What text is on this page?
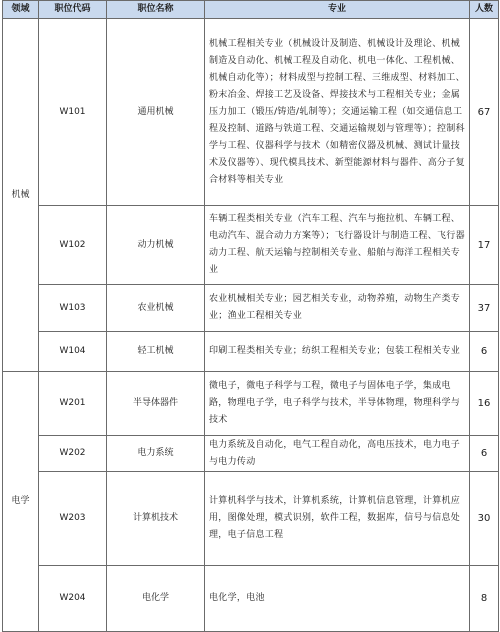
领域	职位代码	职位名称	专业	人数
机械	W101	通用机械	机械工程相关专业（机械设计及制造、机械设计及理论、机械制造及自动化、机械工程及自动化、机电一体化、工程机械、机械自动化等）；材料成型与控制工程、三维成型、材料加工、粉末冶金、焊接工艺及设备、焊接技术与工程相关专业；金属压力加工（锻压/铸造/轧制等）；交通运输工程（如交通信息工程及控制、道路与铁道工程、交通运输规划与管理等）；控制科学与工程、仪器科学与技术（如精密仪器及机械、测试计量技术及仪器等）、现代模具技术、新型能源材料与器件、高分子复合材料等相关专业	67
	W102	动力机械	车辆工程类相关专业（汽车工程、汽车与拖拉机、车辆工程、电动汽车、混合动力方案等）；飞行器设计与制造工程、飞行器动力工程、航天运输与控制相关专业、船舶与海洋工程相关专业	17
	W103	农业机械	农业机械相关专业；园艺相关专业，动物养殖，动物生产类专业；渔业工程相关专业	37
	W104	轻工机械	印刷工程类相关专业；纺织工程相关专业；包装工程相关专业	6
电学	W201	半导体器件	微电子，微电子科学与工程，微电子与固体电子学，集成电路，物理电子学，电子科学与技术，半导体物理，物理科学与技术	16
	W202	电力系统	电力系统及自动化，电气工程自动化，高电压技术，电力电子与电力传动	6
	W203	计算机技术	计算机科学与技术，计算机系统，计算机信息管理，计算机应用，图像处理，模式识别，软件工程，数据库，信号与信息处理，电子信息工程	30
	W204	电化学	电化学，电池	8
